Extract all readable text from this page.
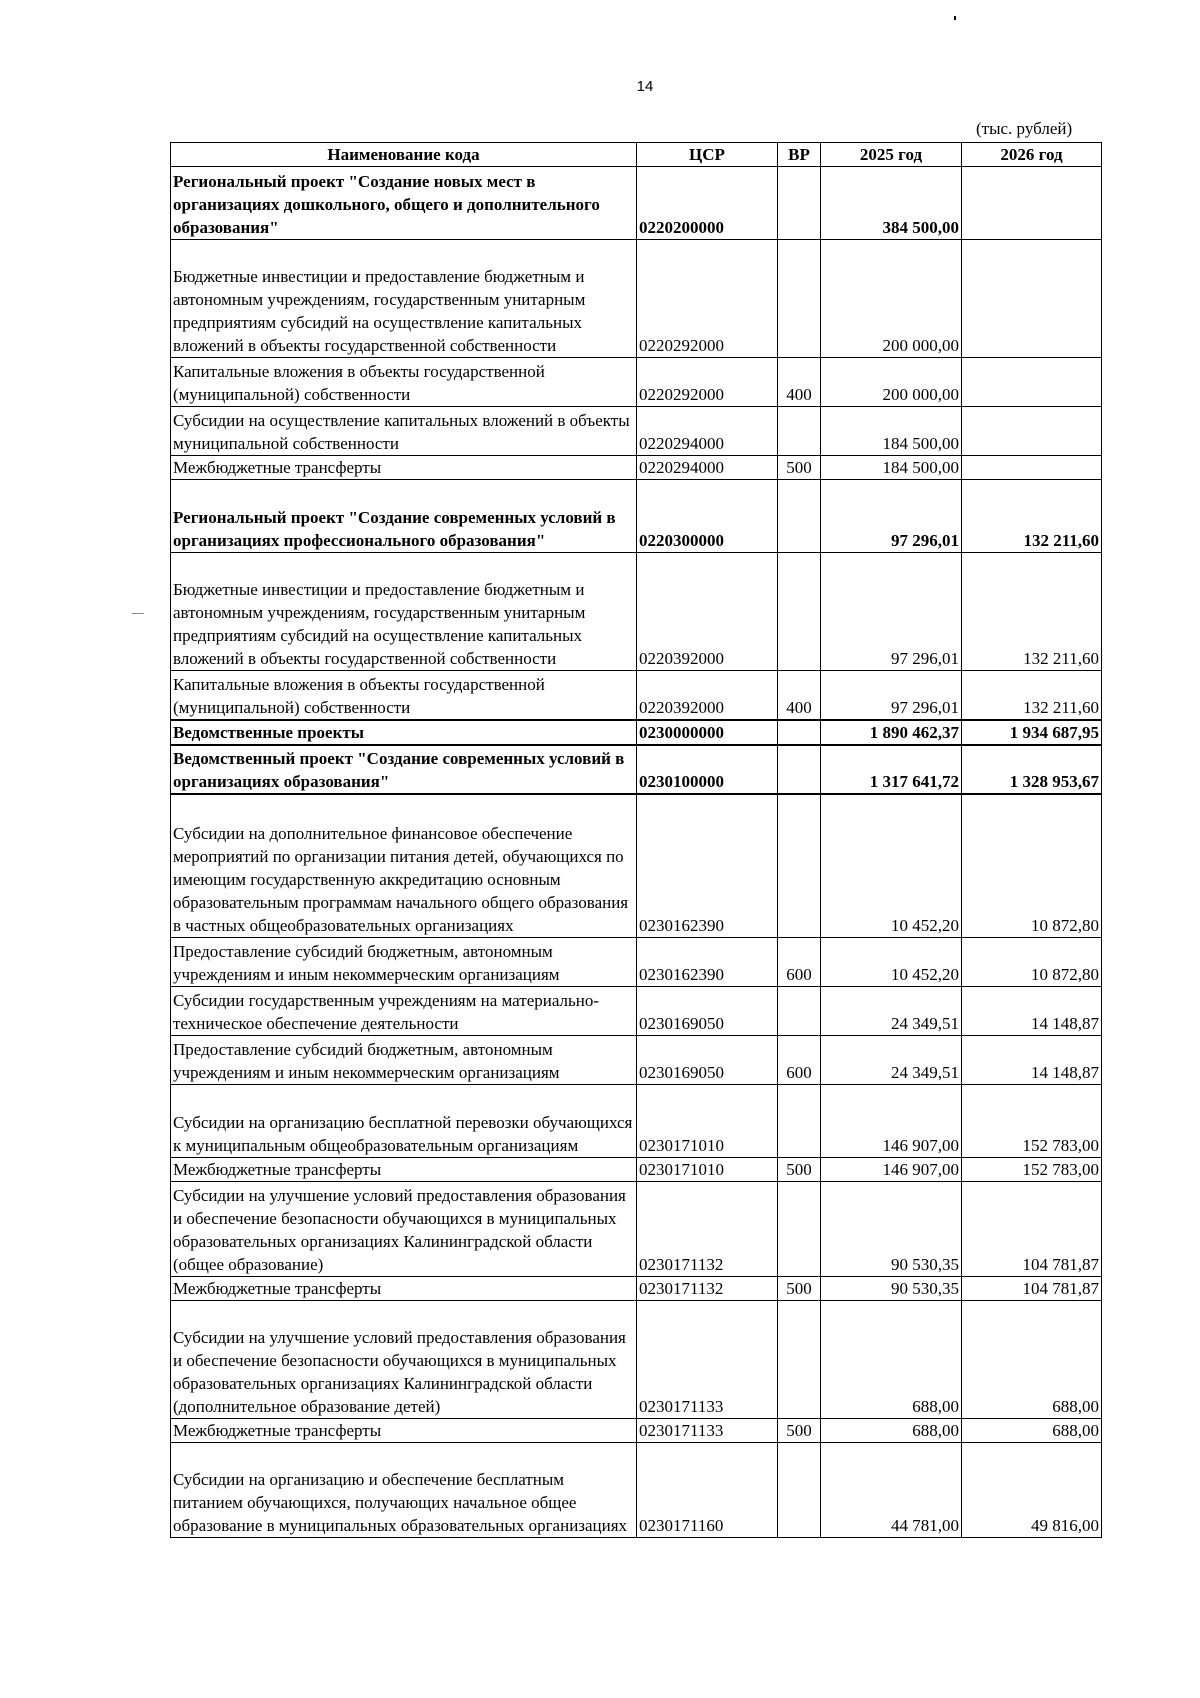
14
(тыс. рублей)
Наименование кода	ЦСР	ВР	2025 год	2026 год
Региональный проект "Создание новых мест в организациях дошкольного, общего и дополнительного образования"	0220200000		384 500,00	
Бюджетные инвестиции и предоставление бюджетным и автономным учреждениям, государственным унитарным предприятиям субсидий на осуществление капитальных вложений в объекты государственной собственности	0220292000		200 000,00	
Капитальные вложения в объекты государственной (муниципальной) собственности	0220292000	400	200 000,00	
Субсидии на осуществление капитальных вложений в объекты муниципальной собственности	0220294000		184 500,00	
Межбюджетные трансферты	0220294000	500	184 500,00	
Региональный проект "Создание современных условий в организациях профессионального образования"	0220300000		97 296,01	132 211,60
Бюджетные инвестиции и предоставление бюджетным и автономным учреждениям, государственным унитарным предприятиям субсидий на осуществление капитальных вложений в объекты государственной собственности	0220392000		97 296,01	132 211,60
Капитальные вложения в объекты государственной (муниципальной) собственности	0220392000	400	97 296,01	132 211,60
Ведомственные проекты	0230000000		1 890 462,37	1 934 687,95
Ведомственный проект "Создание современных условий в организациях образования"	0230100000		1 317 641,72	1 328 953,67
Субсидии на дополнительное финансовое обеспечение мероприятий по организации питания детей, обучающихся по имеющим государственную аккредитацию основным образовательным программам начального общего образования в частных общеобразовательных организациях	0230162390		10 452,20	10 872,80
Предоставление субсидий бюджетным, автономным учреждениям и иным некоммерческим организациям	0230162390	600	10 452,20	10 872,80
Субсидии государственным учреждениям на материально-техническое обеспечение деятельности	0230169050		24 349,51	14 148,87
Предоставление субсидий бюджетным, автономным учреждениям и иным некоммерческим организациям	0230169050	600	24 349,51	14 148,87
Субсидии на организацию бесплатной перевозки обучающихся к муниципальным общеобразовательным организациям	0230171010		146 907,00	152 783,00
Межбюджетные трансферты	0230171010	500	146 907,00	152 783,00
Субсидии на улучшение условий предоставления образования и обеспечение безопасности обучающихся в муниципальных образовательных организациях Калининградской области (общее образование)	0230171132		90 530,35	104 781,87
Межбюджетные трансферты	0230171132	500	90 530,35	104 781,87
Субсидии на улучшение условий предоставления образования и обеспечение безопасности обучающихся в муниципальных образовательных организациях Калининградской области (дополнительное образование детей)	0230171133		688,00	688,00
Межбюджетные трансферты	0230171133	500	688,00	688,00
Субсидии на организацию и обеспечение бесплатным питанием обучающихся, получающих начальное общее образование в муниципальных образовательных организациях	0230171160		44 781,00	49 816,00
